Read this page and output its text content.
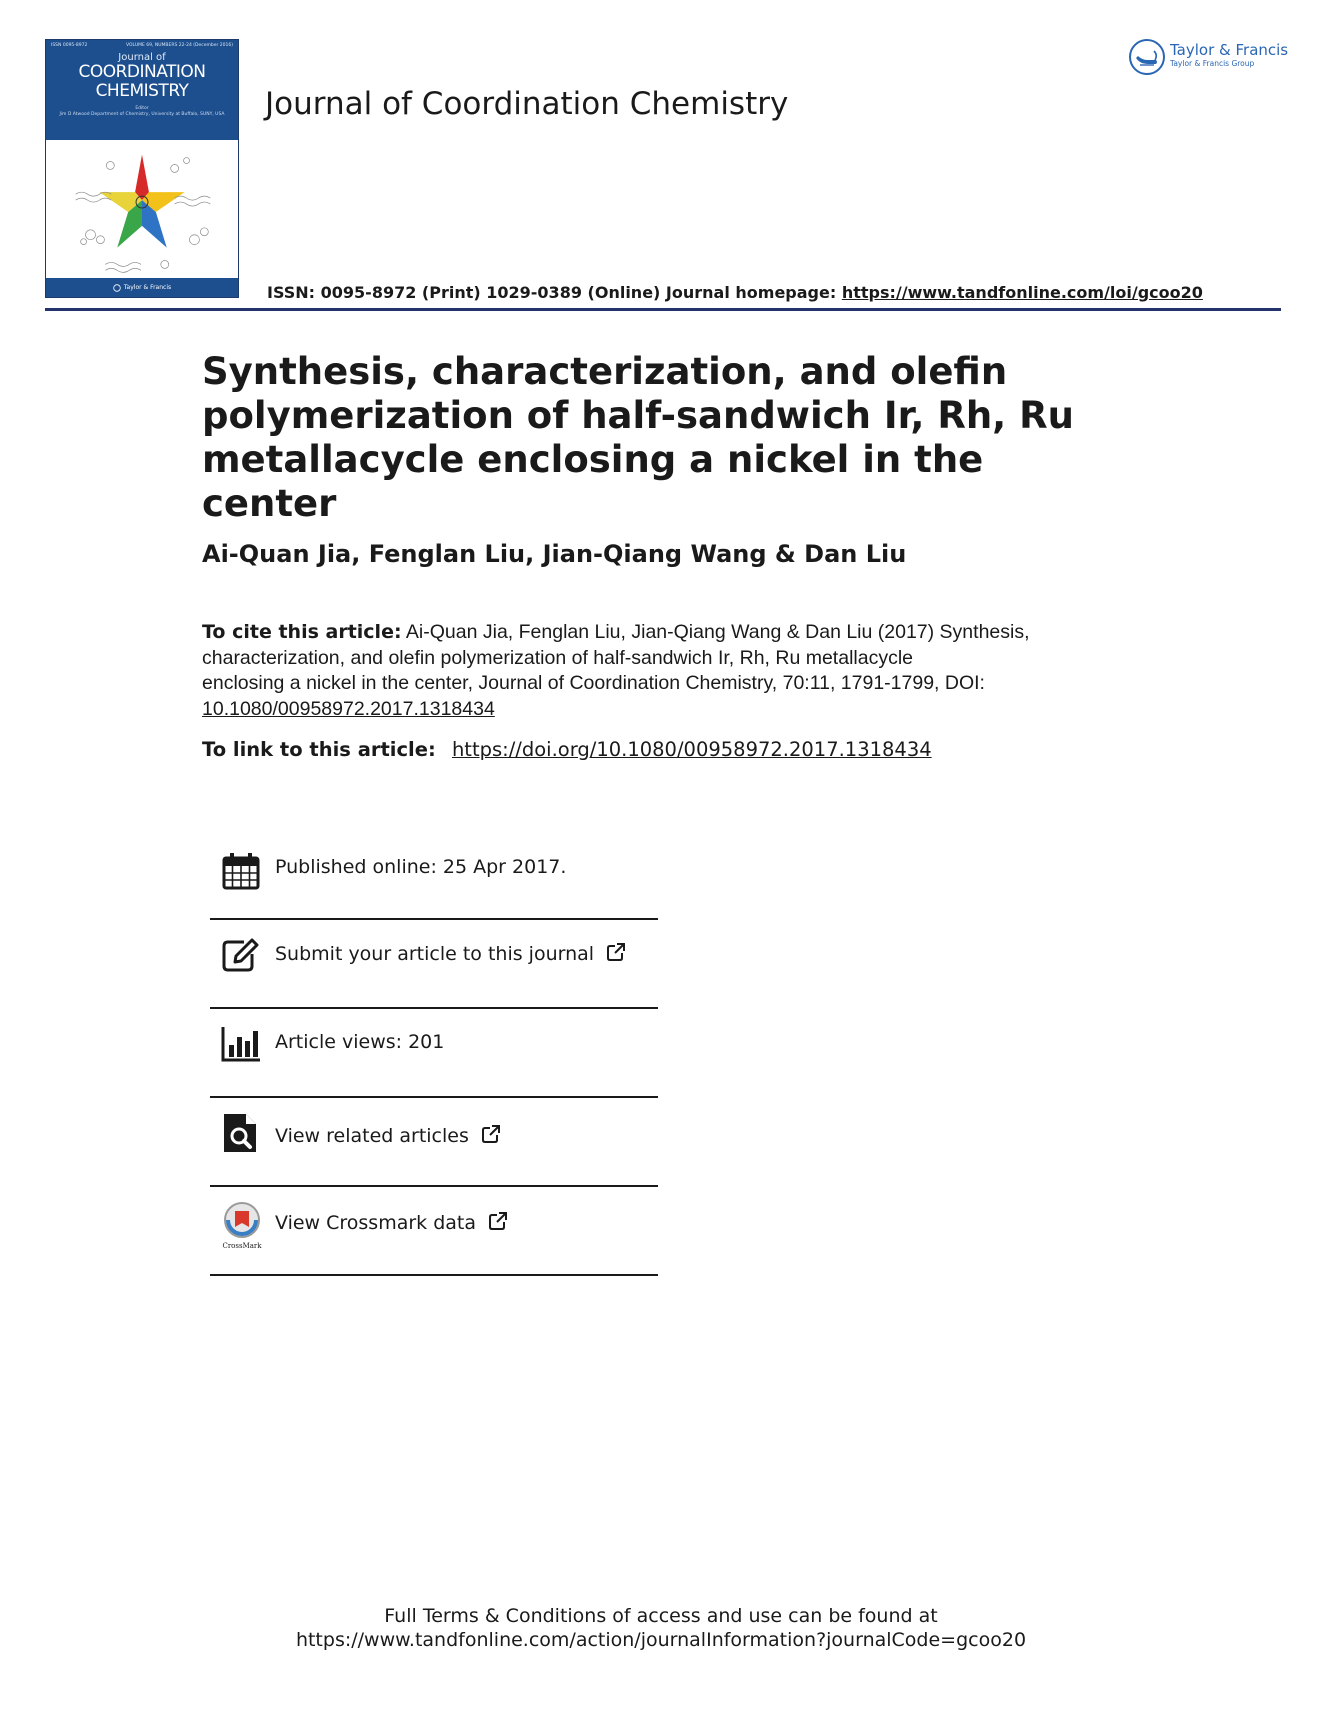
ISSN 0095-8972	VOLUME 69, NUMBERS 22-24 (December 2016)
Journal of
COORDINATION
CHEMISTRY
Editor
Jim D Atwood Department of Chemistry, University at Buffalo, SUNY, USA
Taylor & Francis
Journal of Coordination Chemistry
ISSN: 0095-8972 (Print) 1029-0389 (Online) Journal homepage: https://www.tandfonline.com/loi/gcoo20
Taylor & Francis
Taylor & Francis Group
Synthesis, characterization, and olefin
polymerization of half-sandwich Ir, Rh, Ru
metallacycle enclosing a nickel in the center
Ai-Quan Jia, Fenglan Liu, Jian-Qiang Wang & Dan Liu
To cite this article: Ai-Quan Jia, Fenglan Liu, Jian-Qiang Wang & Dan Liu (2017) Synthesis,
characterization, and olefin polymerization of half-sandwich Ir, Rh, Ru metallacycle
enclosing a nickel in the center, Journal of Coordination Chemistry, 70:11, 1791-1799, DOI:
10.1080/00958972.2017.1318434
To link to this article: https://doi.org/10.1080/00958972.2017.1318434
Published online: 25 Apr 2017.
Submit your article to this journal
Article views: 201
View related articles
CrossMark
View Crossmark data
Full Terms & Conditions of access and use can be found at
https://www.tandfonline.com/action/journalInformation?journalCode=gcoo20
